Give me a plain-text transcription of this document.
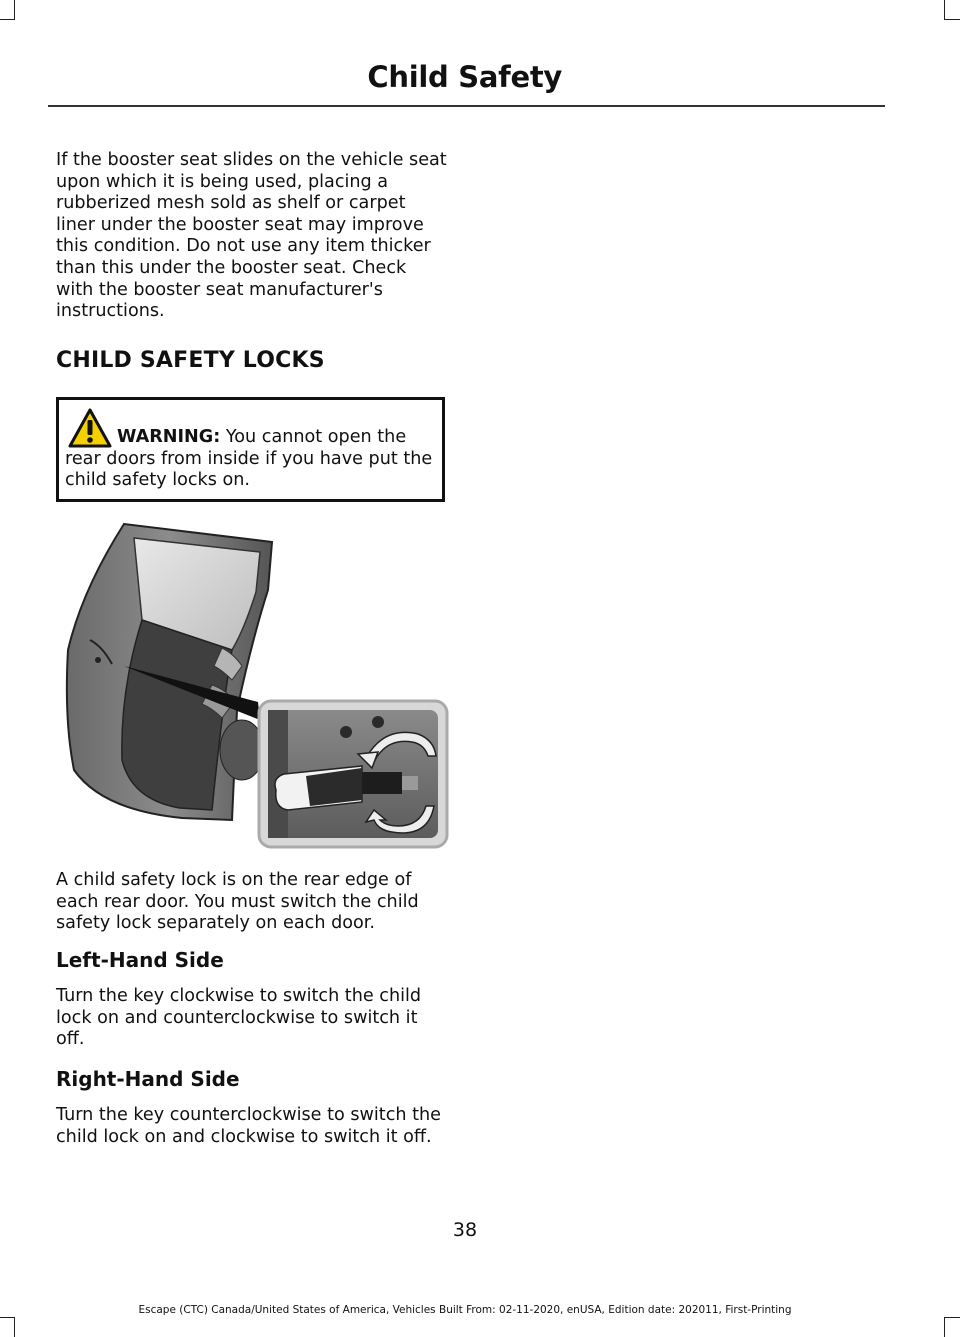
Child Safety

If the booster seat slides on the vehicle seat upon which it is being used, placing a rubberized mesh sold as shelf or carpet liner under the booster seat may improve this condition. Do not use any item thicker than this under the booster seat. Check with the booster seat manufacturer's instructions.

CHILD SAFETY LOCKS

WARNING: You cannot open the rear doors from inside if you have put the child safety locks on.

A child safety lock is on the rear edge of each rear door. You must switch the child safety lock separately on each door.

Left-Hand Side

Turn the key clockwise to switch the child lock on and counterclockwise to switch it off.

Right-Hand Side

Turn the key counterclockwise to switch the child lock on and clockwise to switch it off.

38

Escape (CTC) Canada/United States of America, Vehicles Built From: 02-11-2020, enUSA, Edition date: 202011, First-Printing
